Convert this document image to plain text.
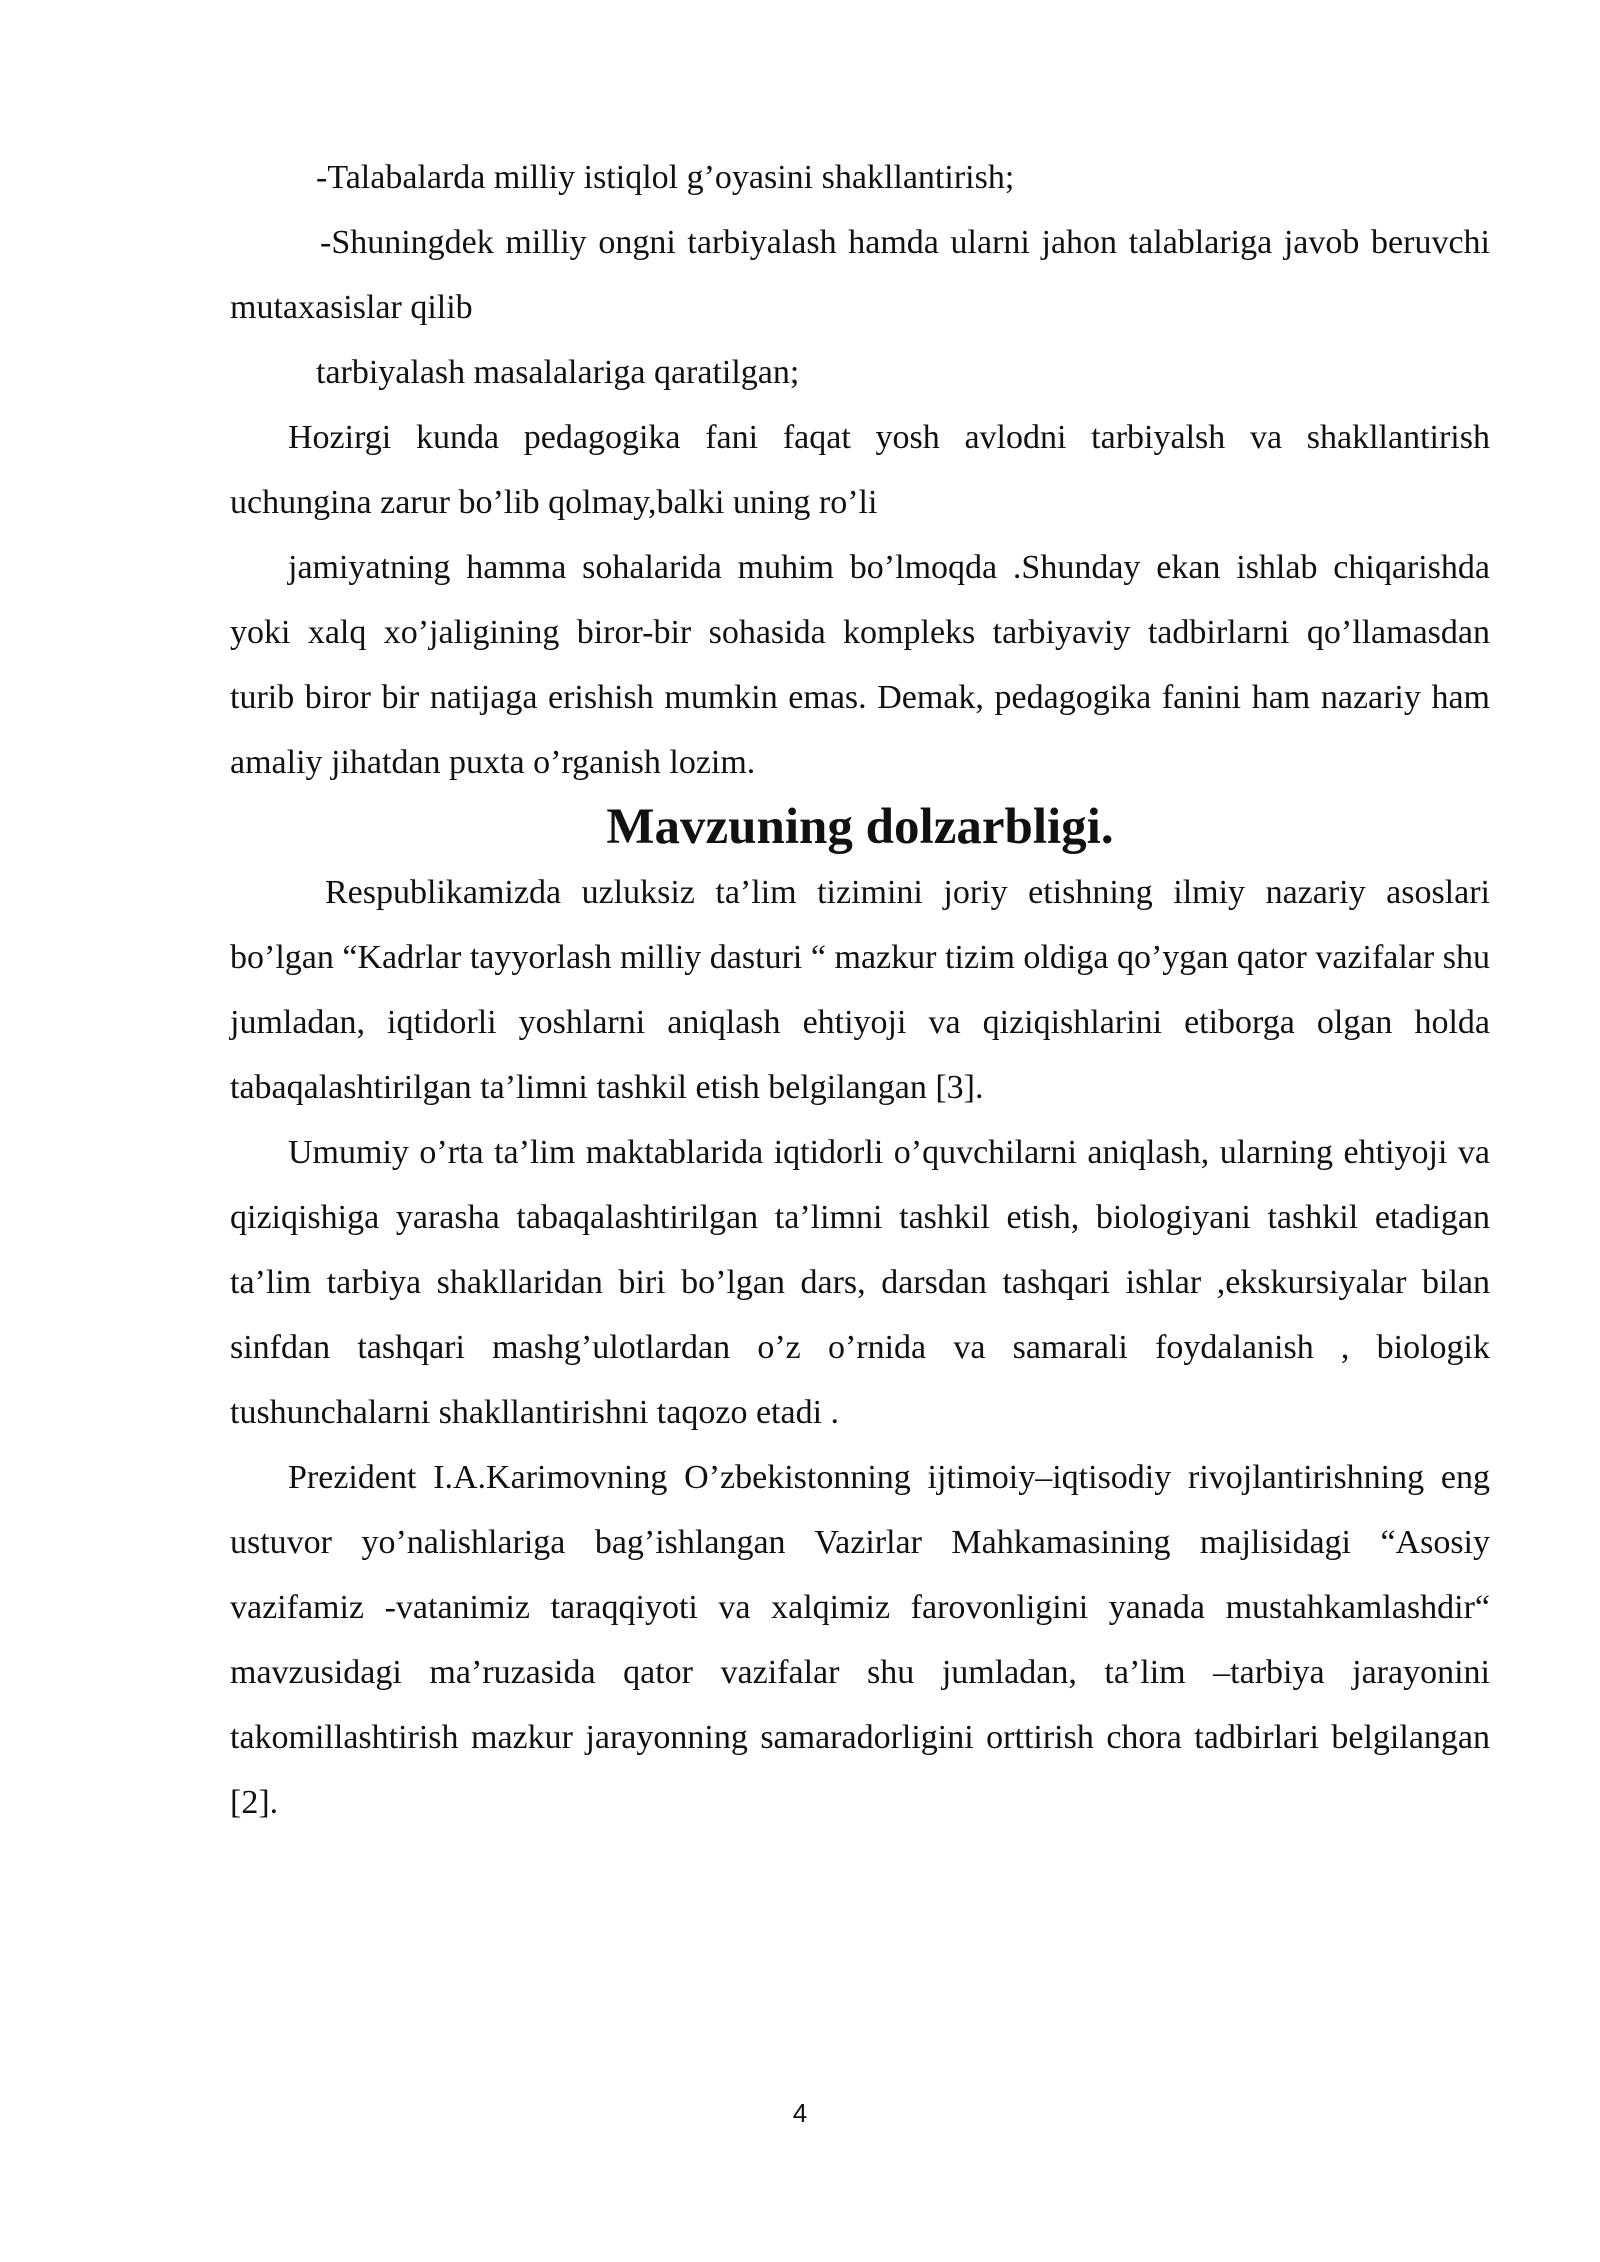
-Talabalarda milliy istiqlol g’oyasini shakllantirish;

-Shuningdek milliy ongni tarbiyalash hamda ularni jahon talablariga javob beruvchi mutaxasislar qilib

tarbiyalash masalalariga qaratilgan;

Hozirgi kunda pedagogika fani faqat yosh avlodni tarbiyalsh va shakllantirish uchungina zarur bo’lib qolmay,balki uning ro’li

jamiyatning hamma sohalarida muhim bo’lmoqda .Shunday ekan ishlab chiqarishda yoki xalq xo’jaligining biror-bir sohasida kompleks tarbiyaviy tadbirlarni qo’llamasdan turib biror bir natijaga erishish mumkin emas. Demak, pedagogika fanini ham nazariy ham amaliy jihatdan puxta o’rganish lozim.

Mavzuning dolzarbligi.

Respublikamizda uzluksiz ta’lim tizimini joriy etishning ilmiy nazariy asoslari bo’lgan “Kadrlar tayyorlash milliy dasturi “ mazkur tizim oldiga qo’ygan qator vazifalar shu jumladan, iqtidorli yoshlarni aniqlash ehtiyoji va qiziqishlarini etiborga olgan holda tabaqalashtirilgan ta’limni tashkil etish belgilangan [3].

Umumiy o’rta ta’lim maktablarida iqtidorli o’quvchilarni aniqlash, ularning ehtiyoji va qiziqishiga yarasha tabaqalashtirilgan ta’limni tashkil etish, biologiyani tashkil etadigan ta’lim tarbiya shakllaridan biri bo’lgan dars, darsdan tashqari ishlar ,ekskursiyalar bilan sinfdan tashqari mashg’ulotlardan o’z o’rnida va samarali foydalanish , biologik tushunchalarni shakllantirishni taqozo etadi .

Prezident I.A.Karimovning O’zbekistonning ijtimoiy–iqtisodiy rivojlantirishning eng ustuvor yo’nalishlariga bag’ishlangan Vazirlar Mahkamasining majlisidagi “Asosiy vazifamiz -vatanimiz taraqqiyoti va xalqimiz farovonligini yanada mustahkamlashdir“ mavzusidagi ma’ruzasida qator vazifalar shu jumladan, ta’lim –tarbiya jarayonini takomillashtirish mazkur jarayonning samaradorligini orttirish chora tadbirlari belgilangan [2].

4
